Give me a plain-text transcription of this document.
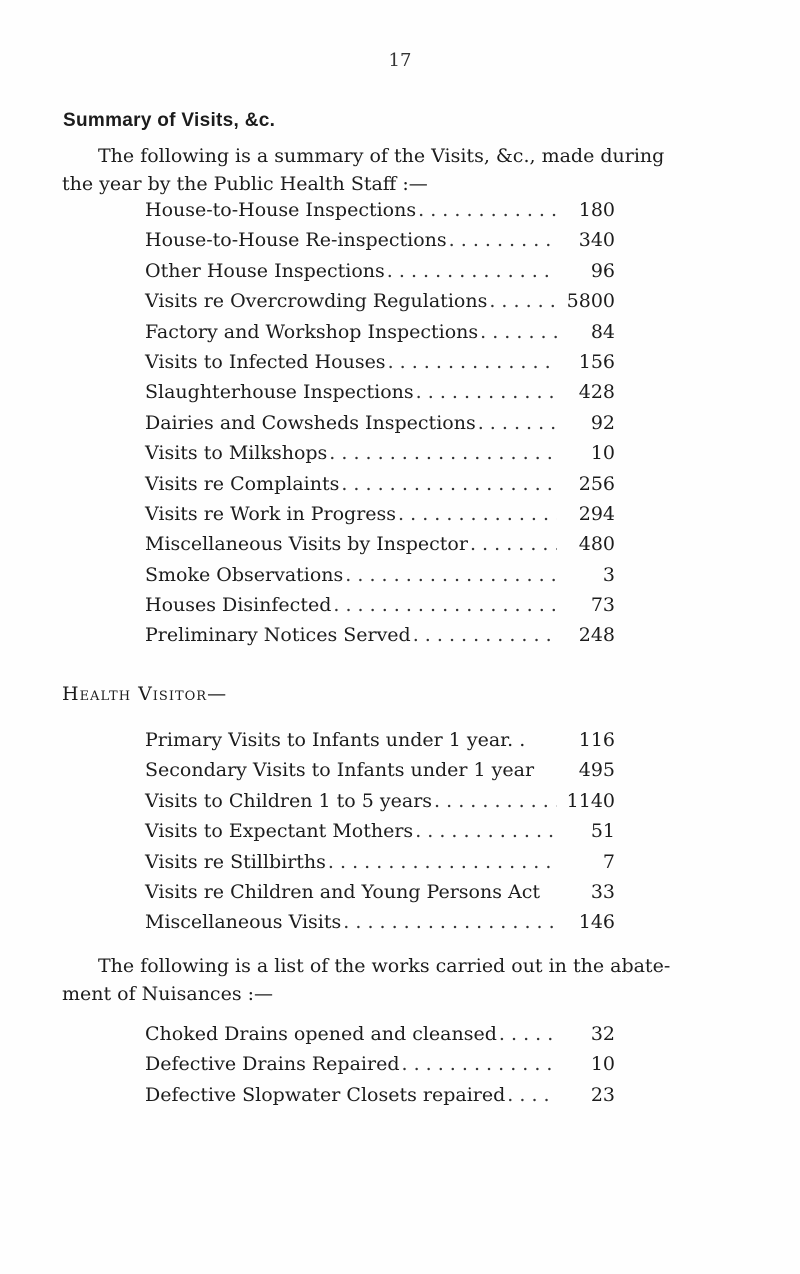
17
Summary of Visits, &c.
The following is a summary of the Visits, &c., made during
the year by the Public Health Staff :—
House-to-House Inspections . . .	180
House-to-House Re-inspections . . .	340
Other House Inspections . . .	96
Visits re Overcrowding Regulations . . .	5800
Factory and Workshop Inspections . . .	84
Visits to Infected Houses . . .	156
Slaughterhouse Inspections . . .	428
Dairies and Cowsheds Inspections . . .	92
Visits to Milkshops . . .	10
Visits re Complaints . . .	256
Visits re Work in Progress . . .	294
Miscellaneous Visits by Inspector . . .	480
Smoke Observations . . .	3
Houses Disinfected . . .	73
Preliminary Notices Served . . .	248
Health Visitor—
Primary Visits to Infants under 1 year. .	116
Secondary Visits to Infants under 1 year	495
Visits to Children 1 to 5 years . . .	1140
Visits to Expectant Mothers . . .	51
Visits re Stillbirths . . .	7
Visits re Children and Young Persons Act	33
Miscellaneous Visits . . .	146
The following is a list of the works carried out in the abate-
ment of Nuisances :—
Choked Drains opened and cleansed . . .	32
Defective Drains Repaired . . .	10
Defective Slopwater Closets repaired . . .	23
